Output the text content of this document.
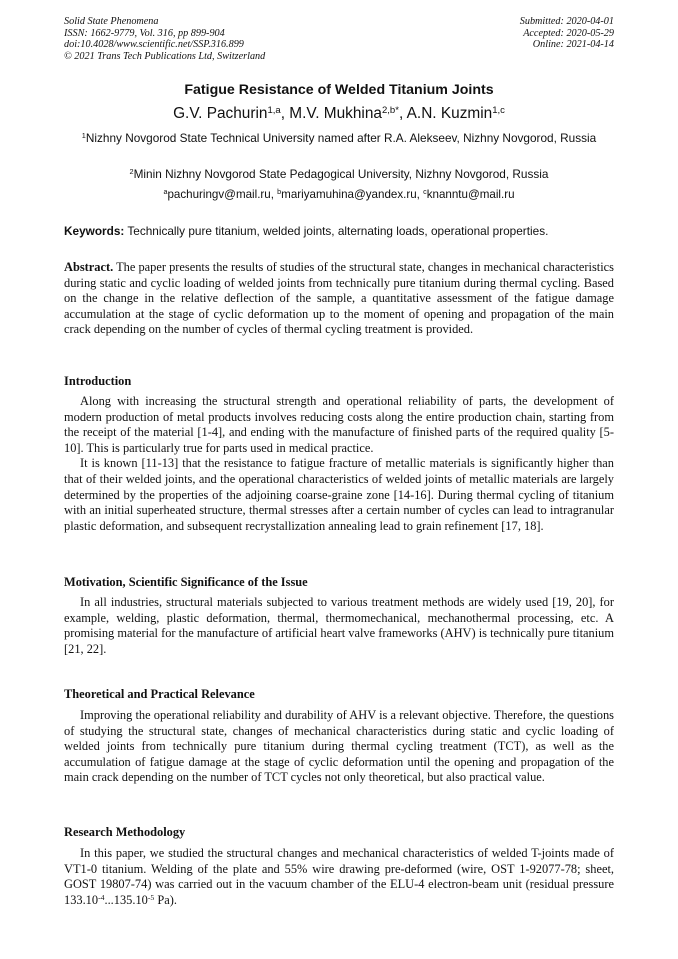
Solid State Phenomena
ISSN: 1662-9779, Vol. 316, pp 899-904
doi:10.4028/www.scientific.net/SSP.316.899
© 2021 Trans Tech Publications Ltd, Switzerland
Submitted: 2020-04-01
Accepted: 2020-05-29
Online: 2021-04-14
Fatigue Resistance of Welded Titanium Joints
G.V. Pachurin$^{1,a}$, M.V. Mukhina$^{2,b*}$, A.N. Kuzmin$^{1,c}$
$^1$Nizhny Novgorod State Technical University named after R.A. Alekseev, Nizhny Novgorod, Russia
$^2$Minin Nizhny Novgorod State Pedagogical University, Nizhny Novgorod, Russia
$^a$pachuringv@mail.ru, $^b$mariyamuhina@yandex.ru, $^c$knanntu@mail.ru
Keywords: Technically pure titanium, welded joints, alternating loads, operational properties.

Abstract. The paper presents the results of studies of the structural state, changes in mechanical characteristics during static and cyclic loading of welded joints from technically pure titanium during thermal cycling. Based on the change in the relative deflection of the sample, a quantitative assessment of the fatigue damage accumulation at the stage of cyclic deformation up to the moment of opening and propagation of the main crack depending on the number of cycles of thermal cycling treatment is provided.

Introduction

Along with increasing the structural strength and operational reliability of parts, the development of modern production of metal products involves reducing costs along the entire production chain, starting from the receipt of the material [1-4], and ending with the manufacture of finished parts of the required quality [5-10]. This is particularly true for parts used in medical practice.

It is known [11-13] that the resistance to fatigue fracture of metallic materials is significantly higher than that of their welded joints, and the operational characteristics of welded joints of metallic materials are largely determined by the properties of the adjoining coarse-graine zone [14-16]. During thermal cycling of titanium with an initial superheated structure, thermal stresses after a certain number of cycles can lead to intragranular plastic deformation, and subsequent recrystallization annealing lead to grain refinement [17, 18].

Motivation, Scientific Significance of the Issue

In all industries, structural materials subjected to various treatment methods are widely used [19, 20], for example, welding, plastic deformation, thermal, thermomechanical, mechanothermal processing, etc. A promising material for the manufacture of artificial heart valve frameworks (AHV) is technically pure titanium [21, 22].

Theoretical and Practical Relevance

Improving the operational reliability and durability of AHV is a relevant objective. Therefore, the questions of studying the structural state, changes of mechanical characteristics during static and cyclic loading of welded joints from technically pure titanium during thermal cycling treatment (TCT), as well as the accumulation of fatigue damage at the stage of cyclic deformation until the opening and propagation of the main crack depending on the number of TCT cycles not only theoretical, but also practical value.

Research Methodology

In this paper, we studied the structural changes and mechanical characteristics of welded T-joints made of VT1-0 titanium. Welding of the plate and 55% wire drawing pre-deformed (wire, OST 1-92077-78; sheet, GOST 19807-74) was carried out in the vacuum chamber of the ELU-4 electron-beam unit (residual pressure $133.10^{-4}...135.10^{-5}$ Pa).
